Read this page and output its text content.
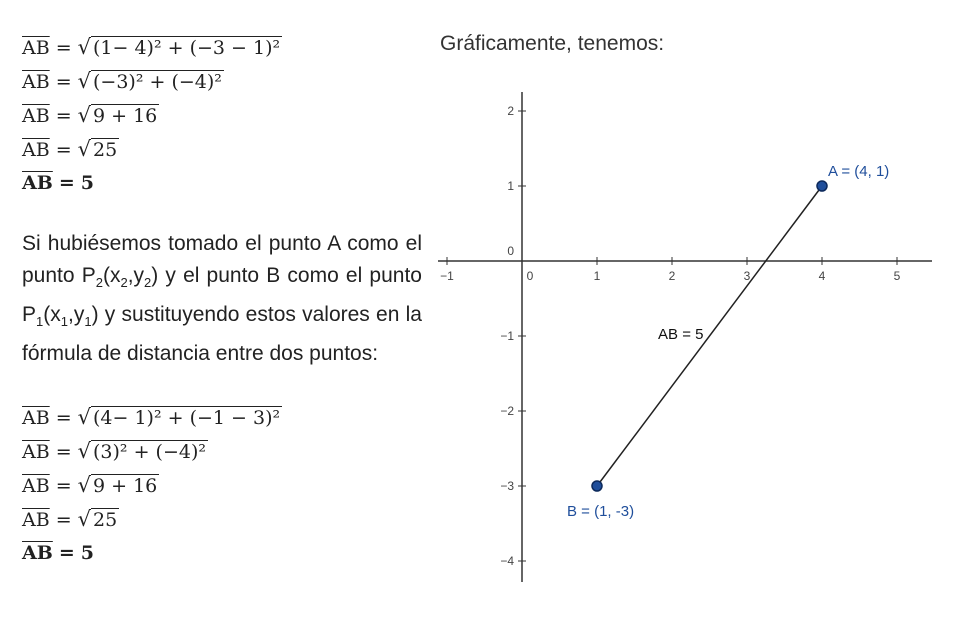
$\overline{AB}$ = √ (1− 4)² + (−3 − 1)²
$\overline{AB}$ = √ (−3)² + (−4)²
$\overline{AB}$ = √ 9 + 16
$\overline{AB}$ = √ 25
$\overline{AB} = 5$

Si hubiésemos tomado el punto A como el punto $P_2(x_2,y_2)$ y el punto B como el punto $P_1(x_1,y_1)$ y sustituyendo estos valores en la fórmula de distancia entre dos puntos:

$\overline{AB}$ = √ (4− 1)² + (−1 − 3)²
$\overline{AB}$ = √ (3)² + (−4)²
$\overline{AB}$ = √ 9 + 16
$\overline{AB}$ = √ 25
$\overline{AB} = 5$
Gráficamente, tenemos:
−1	0	1	2	3	4	5
2
1
0
−1
−2
−3
−4
AB = 5
A = (4, 1)
B = (1, -3)
